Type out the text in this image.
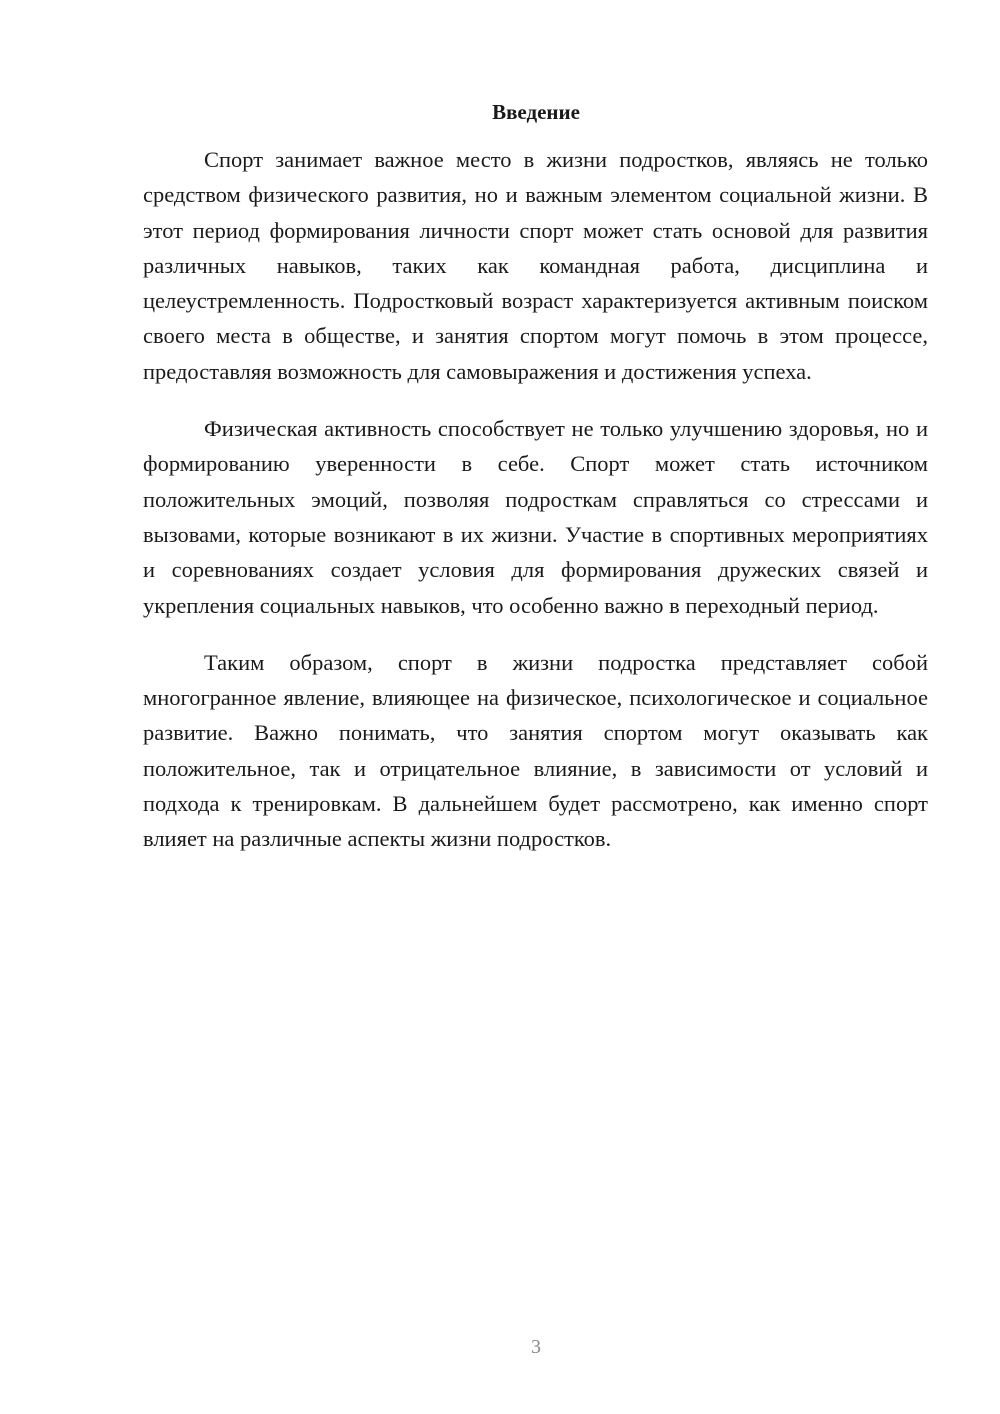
Введение

Спорт занимает важное место в жизни подростков, являясь не только средством физического развития, но и важным элементом социальной жизни. В этот период формирования личности спорт может стать основой для развития различных навыков, таких как командная работа, дисциплина и целеустремленность. Подростковый возраст характеризуется активным поиском своего места в обществе, и занятия спортом могут помочь в этом процессе, предоставляя возможность для самовыражения и достижения успеха.

Физическая активность способствует не только улучшению здоровья, но и формированию уверенности в себе. Спорт может стать источником положительных эмоций, позволяя подросткам справляться со стрессами и вызовами, которые возникают в их жизни. Участие в спортивных мероприятиях и соревнованиях создает условия для формирования дружеских связей и укрепления социальных навыков, что особенно важно в переходный период.

Таким образом, спорт в жизни подростка представляет собой многогранное явление, влияющее на физическое, психологическое и социальное развитие. Важно понимать, что занятия спортом могут оказывать как положительное, так и отрицательное влияние, в зависимости от условий и подхода к тренировкам. В дальнейшем будет рассмотрено, как именно спорт влияет на различные аспекты жизни подростков.

3
